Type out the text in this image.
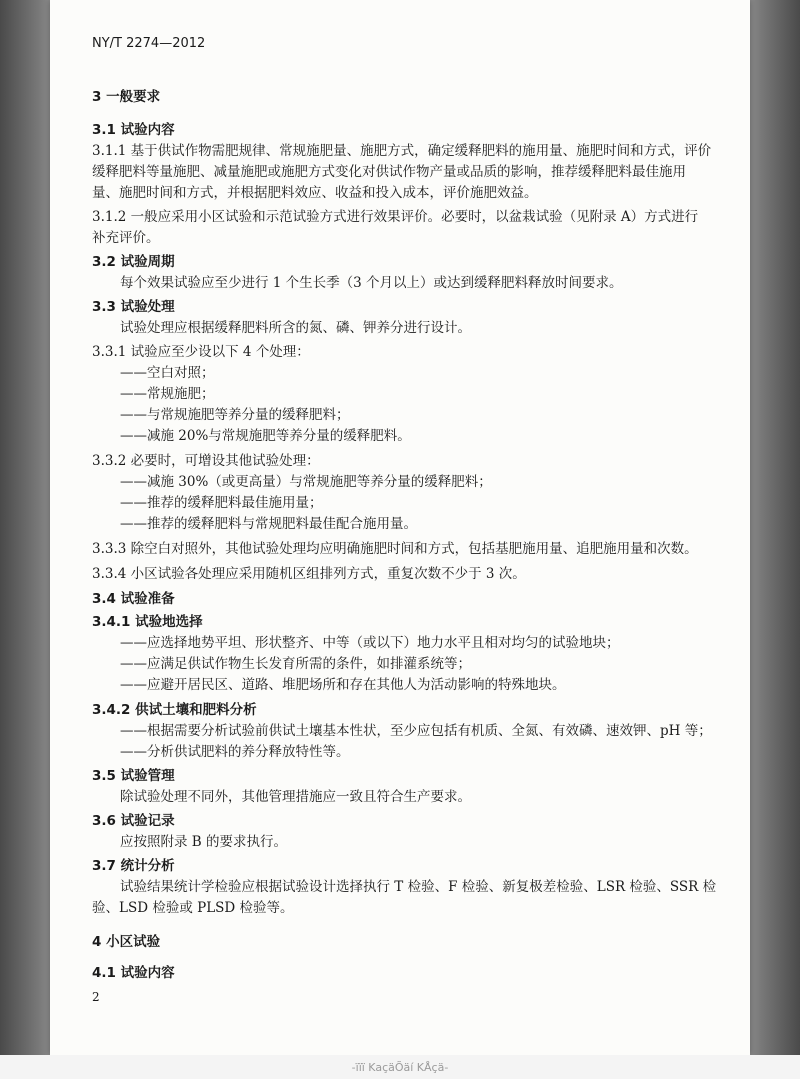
NY/T 2274—2012
3 一般要求
3.1 试验内容
3.1.1 基于供试作物需肥规律、常规施肥量、施肥方式，确定缓释肥料的施用量、施肥时间和方式，评价
缓释肥料等量施肥、减量施肥或施肥方式变化对供试作物产量或品质的影响，推荐缓释肥料最佳施用
量、施肥时间和方式，并根据肥料效应、收益和投入成本，评价施肥效益。
3.1.2 一般应采用小区试验和示范试验方式进行效果评价。必要时，以盆栽试验（见附录 A）方式进行
补充评价。
3.2 试验周期
每个效果试验应至少进行 1 个生长季（3 个月以上）或达到缓释肥料释放时间要求。
3.3 试验处理
试验处理应根据缓释肥料所含的氮、磷、钾养分进行设计。
3.3.1 试验应至少设以下 4 个处理：
——空白对照；
——常规施肥；
——与常规施肥等养分量的缓释肥料；
——减施 20%与常规施肥等养分量的缓释肥料。
3.3.2 必要时，可增设其他试验处理：
——减施 30%（或更高量）与常规施肥等养分量的缓释肥料；
——推荐的缓释肥料最佳施用量；
——推荐的缓释肥料与常规肥料最佳配合施用量。
3.3.3 除空白对照外，其他试验处理均应明确施肥时间和方式，包括基肥施用量、追肥施用量和次数。
3.3.4 小区试验各处理应采用随机区组排列方式，重复次数不少于 3 次。
3.4 试验准备
3.4.1 试验地选择
——应选择地势平坦、形状整齐、中等（或以下）地力水平且相对均匀的试验地块；
——应满足供试作物生长发育所需的条件，如排灌系统等；
——应避开居民区、道路、堆肥场所和存在其他人为活动影响的特殊地块。
3.4.2 供试土壤和肥料分析
——根据需要分析试验前供试土壤基本性状，至少应包括有机质、全氮、有效磷、速效钾、pH 等；
——分析供试肥料的养分释放特性等。
3.5 试验管理
除试验处理不同外，其他管理措施应一致且符合生产要求。
3.6 试验记录
应按照附录 B 的要求执行。
3.7 统计分析
试验结果统计学检验应根据试验设计选择执行 T 检验、F 检验、新复极差检验、LSR 检验、SSR 检
验、LSD 检验或 PLSD 检验等。
4 小区试验
4.1 试验内容
2
-ïïï KaçäÕäí KÅçä-
